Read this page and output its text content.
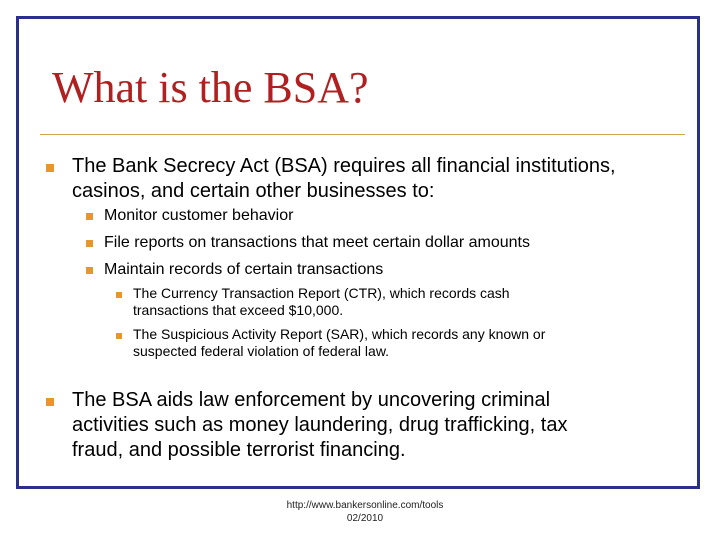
What is the BSA?
The Bank Secrecy Act (BSA) requires all financial institutions,
casinos, and certain other businesses to:
Monitor customer behavior
File reports on transactions that meet certain dollar amounts
Maintain records of certain transactions
The Currency Transaction Report (CTR), which records cash
transactions that exceed $10,000.
The Suspicious Activity Report (SAR), which records any known or
suspected federal violation of federal law.
The BSA aids law enforcement by uncovering criminal
activities such as money laundering, drug trafficking, tax
fraud, and possible terrorist financing.
http://www.bankersonline.com/tools
02/2010
